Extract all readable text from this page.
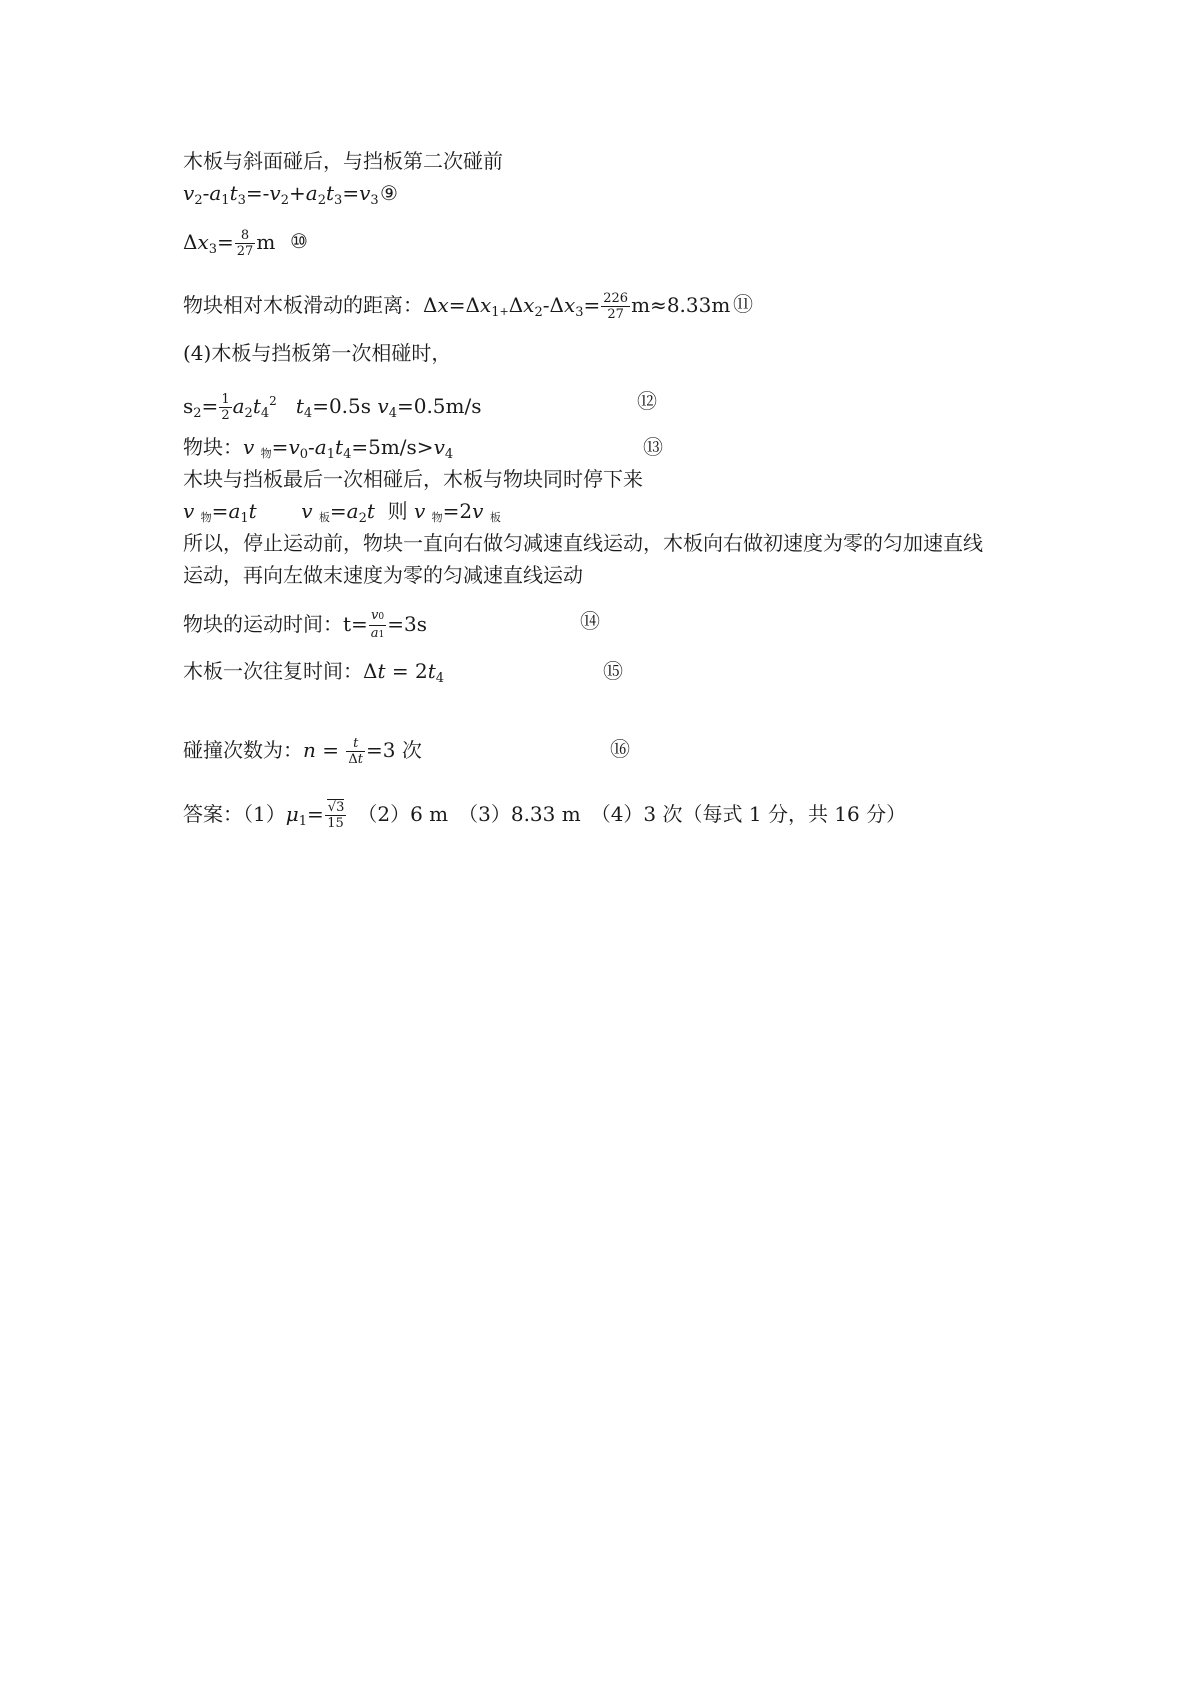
木板与斜面碰后，与挡板第二次碰前
$v_2-a_1t_3=-v_2+a_2t_3=v_3$ ⑨
$\Delta x_3= \frac{8}{27}$ m ⑩
物块相对木板滑动的距离：$\Delta x=\Delta x_1+\Delta x_2-\Delta x_3= \frac{226}{27} m\approx 8.33m$ ⑪
(4)木板与挡板第一次相碰时，
$s_2= \frac{1}{2} a_2t_4^2$ $t_4=0.5s$ $v_4=0.5m/s$	⑫
物块：v 物$=v_0-a_1t_4=5m/s>v_4$	⑬
木块与挡板最后一次相碰后，木板与物块同时停下来
v 物$=a_1t$ v 板$=a_2t$ 则 v 物=2v 板
所以，停止运动前，物块一直向右做匀减速直线运动，木板向右做初速度为零的匀加速直线
运动，再向左做末速度为零的匀减速直线运动
物块的运动时间：$t= \frac{v0}{a1} =3s$	⑭
木板一次往复时间：$\Delta t = 2t_4$	⑮
碰撞次数为：$n = \frac{t}{\Delta t} =3$ 次	⑯
答案：$(1)\mu_1= \frac{√3}{15}$ 　（2）6 m　（3）8.33 m　（4）3 次（每式 1 分，共 16 分）
